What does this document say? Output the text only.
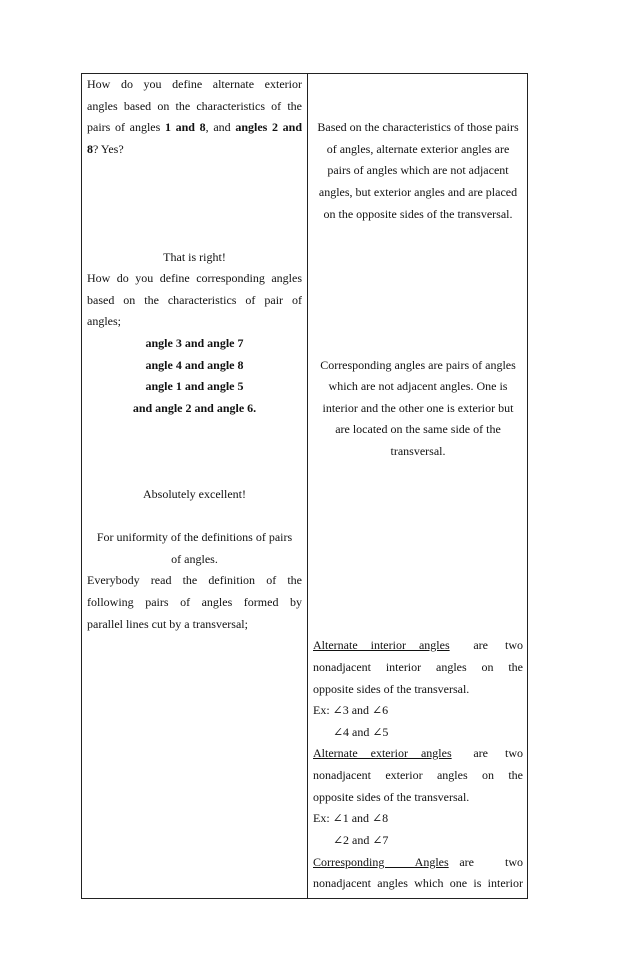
How do you define alternate exterior
angles based on the characteristics of the
pairs of angles 1 and 8, and angles 2 and
8? Yes?
That is right!
How do you define corresponding angles
based on the characteristics of pair of
angles;
angle 3 and angle 7
angle 4 and angle 8
angle 1 and angle 5
and angle 2 and angle 6.
Absolutely excellent!
For uniformity of the definitions of pairs
of angles.
Everybody read the definition of the
following pairs of angles formed by
parallel lines cut by a transversal;
Based on the characteristics of those pairs
of angles, alternate exterior angles are
pairs of angles which are not adjacent
angles, but exterior angles and are placed
on the opposite sides of the transversal.
Corresponding angles are pairs of angles
which are not adjacent angles. One is
interior and the other one is exterior but
are located on the same side of the
transversal.
Alternate interior angles	are two
nonadjacent interior angles on the
opposite sides of the transversal.
Ex: ∠3 and ∠6
∠4 and ∠5
Alternate exterior angles	are two
nonadjacent exterior angles on the
opposite sides of the transversal.
Ex: ∠1 and ∠8
∠2 and ∠7
Corresponding Angles are two
nonadjacent angles which one is interior
